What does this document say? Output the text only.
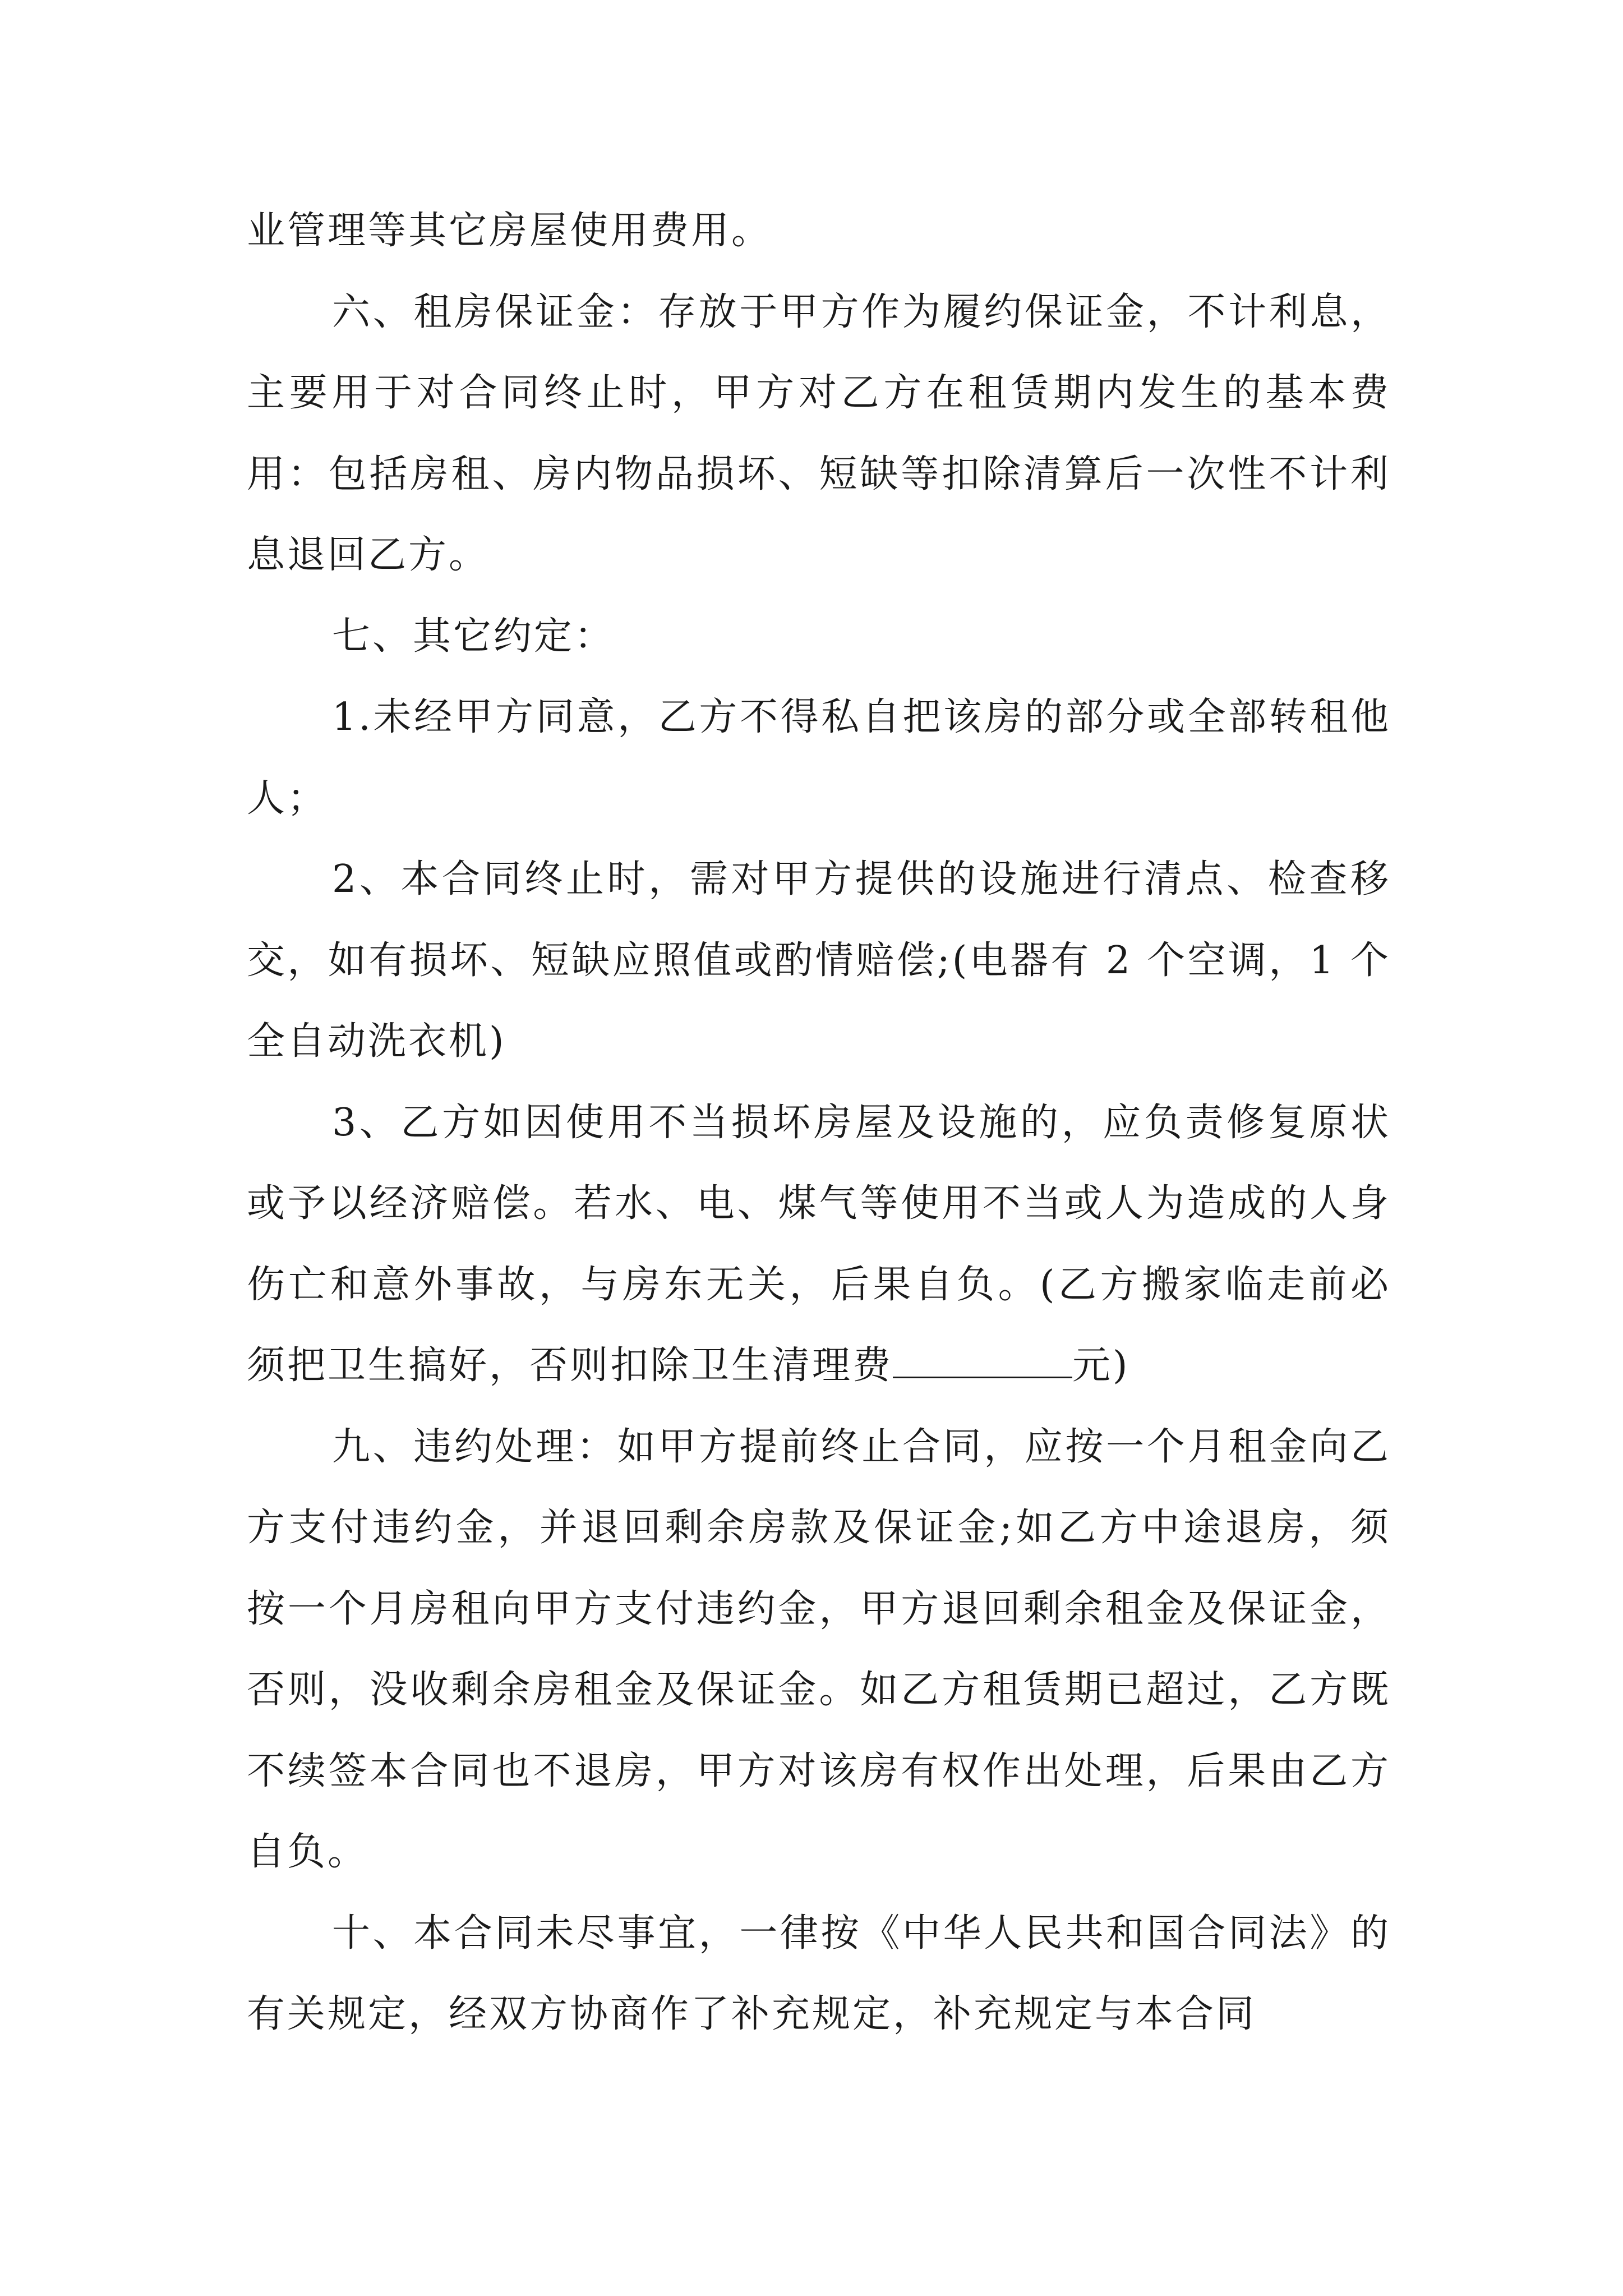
业管理等其它房屋使用费用。

六、租房保证金：存放于甲方作为履约保证金，不计利息，主要用于对合同终止时，甲方对乙方在租赁期内发生的基本费用：包括房租、房内物品损坏、短缺等扣除清算后一次性不计利息退回乙方。

七、其它约定：

1.未经甲方同意，乙方不得私自把该房的部分或全部转租他人；

2、本合同终止时，需对甲方提供的设施进行清点、检查移交，如有损坏、短缺应照值或酌情赔偿;(电器有 2 个空调，1 个全自动洗衣机)

3、乙方如因使用不当损坏房屋及设施的，应负责修复原状或予以经济赔偿。若水、电、煤气等使用不当或人为造成的人身伤亡和意外事故，与房东无关，后果自负。(乙方搬家临走前必须把卫生搞好，否则扣除卫生清理费	元)

九、违约处理：如甲方提前终止合同，应按一个月租金向乙方支付违约金，并退回剩余房款及保证金;如乙方中途退房，须按一个月房租向甲方支付违约金，甲方退回剩余租金及保证金，否则，没收剩余房租金及保证金。如乙方租赁期已超过，乙方既不续签本合同也不退房，甲方对该房有权作出处理，后果由乙方自负。

十、本合同未尽事宜，一律按《中华人民共和国合同法》的有关规定，经双方协商作了补充规定，补充规定与本合同
